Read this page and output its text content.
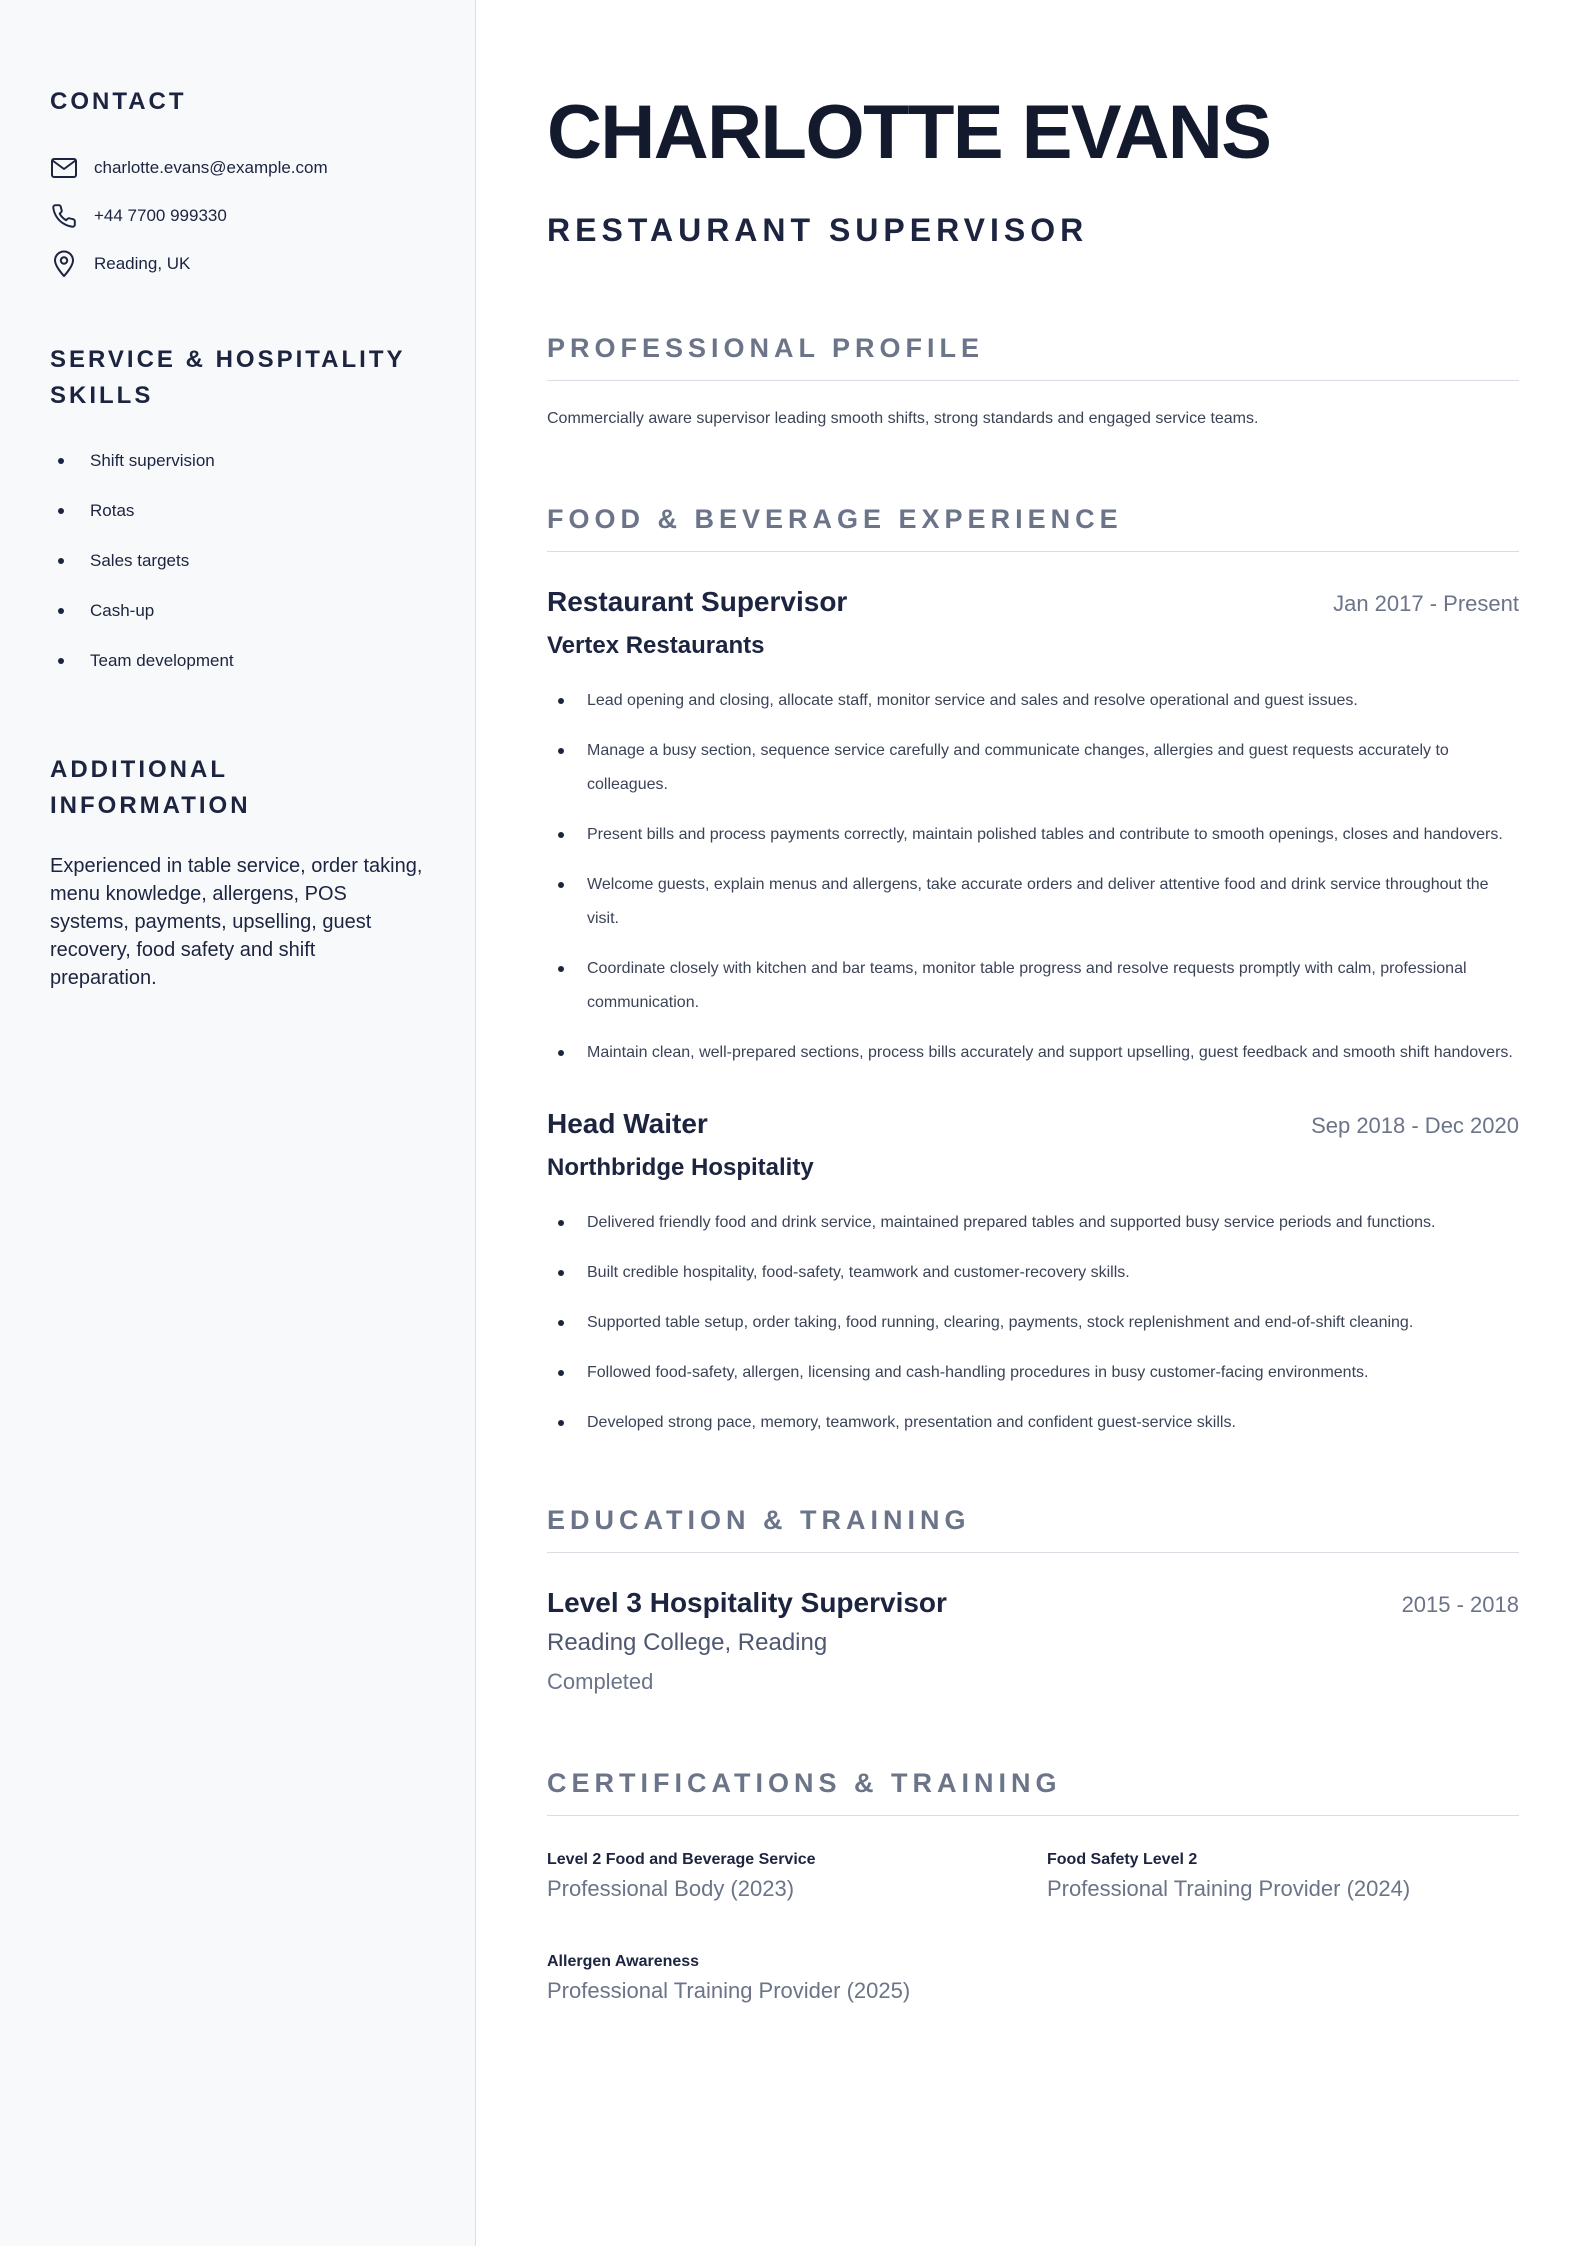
CONTACT
charlotte.evans@example.com
+44 7700 999330
Reading, UK
SERVICE & HOSPITALITY SKILLS
Shift supervision
Rotas
Sales targets
Cash-up
Team development
ADDITIONAL INFORMATION

Experienced in table service, order taking, menu knowledge, allergens, POS systems, payments, upselling, guest recovery, food safety and shift preparation.

CHARLOTTE EVANS
RESTAURANT SUPERVISOR
PROFESSIONAL PROFILE

Commercially aware supervisor leading smooth shifts, strong standards and engaged service teams.

FOOD & BEVERAGE EXPERIENCE
Restaurant Supervisor	Jan 2017 - Present
Vertex Restaurants
Lead opening and closing, allocate staff, monitor service and sales and resolve operational and guest issues.
Manage a busy section, sequence service carefully and communicate changes, allergies and guest requests accurately to colleagues.
Present bills and process payments correctly, maintain polished tables and contribute to smooth openings, closes and handovers.
Welcome guests, explain menus and allergens, take accurate orders and deliver attentive food and drink service throughout the visit.
Coordinate closely with kitchen and bar teams, monitor table progress and resolve requests promptly with calm, professional communication.
Maintain clean, well-prepared sections, process bills accurately and support upselling, guest feedback and smooth shift handovers.
Head Waiter	Sep 2018 - Dec 2020
Northbridge Hospitality
Delivered friendly food and drink service, maintained prepared tables and supported busy service periods and functions.
Built credible hospitality, food-safety, teamwork and customer-recovery skills.
Supported table setup, order taking, food running, clearing, payments, stock replenishment and end-of-shift cleaning.
Followed food-safety, allergen, licensing and cash-handling procedures in busy customer-facing environments.
Developed strong pace, memory, teamwork, presentation and confident guest-service skills.
EDUCATION & TRAINING
Level 3 Hospitality Supervisor	2015 - 2018
Reading College, Reading
Completed
CERTIFICATIONS & TRAINING
Level 2 Food and Beverage Service
Professional Body (2023)
Food Safety Level 2
Professional Training Provider (2024)
Allergen Awareness
Professional Training Provider (2025)
